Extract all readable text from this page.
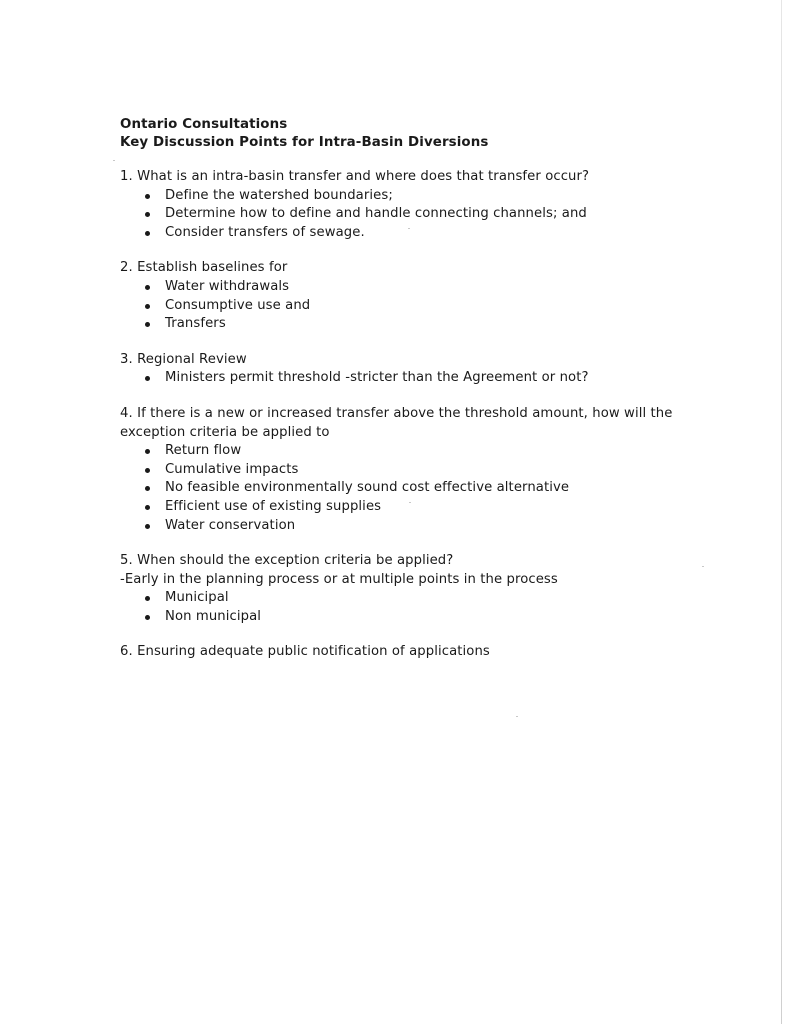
Ontario Consultations
Key Discussion Points for Intra-Basin Diversions
1. What is an intra-basin transfer and where does that transfer occur?
Define the watershed boundaries;
Determine how to define and handle connecting channels; and
Consider transfers of sewage.
2. Establish baselines for
Water withdrawals
Consumptive use and
Transfers
3. Regional Review
Ministers permit threshold -stricter than the Agreement or not?
4. If there is a new or increased transfer above the threshold amount, how will the exception criteria be applied to
Return flow
Cumulative impacts
No feasible environmentally sound cost effective alternative
Efficient use of existing supplies
Water conservation
5. When should the exception criteria be applied?
-Early in the planning process or at multiple points in the process
Municipal
Non municipal
6. Ensuring adequate public notification of applications
